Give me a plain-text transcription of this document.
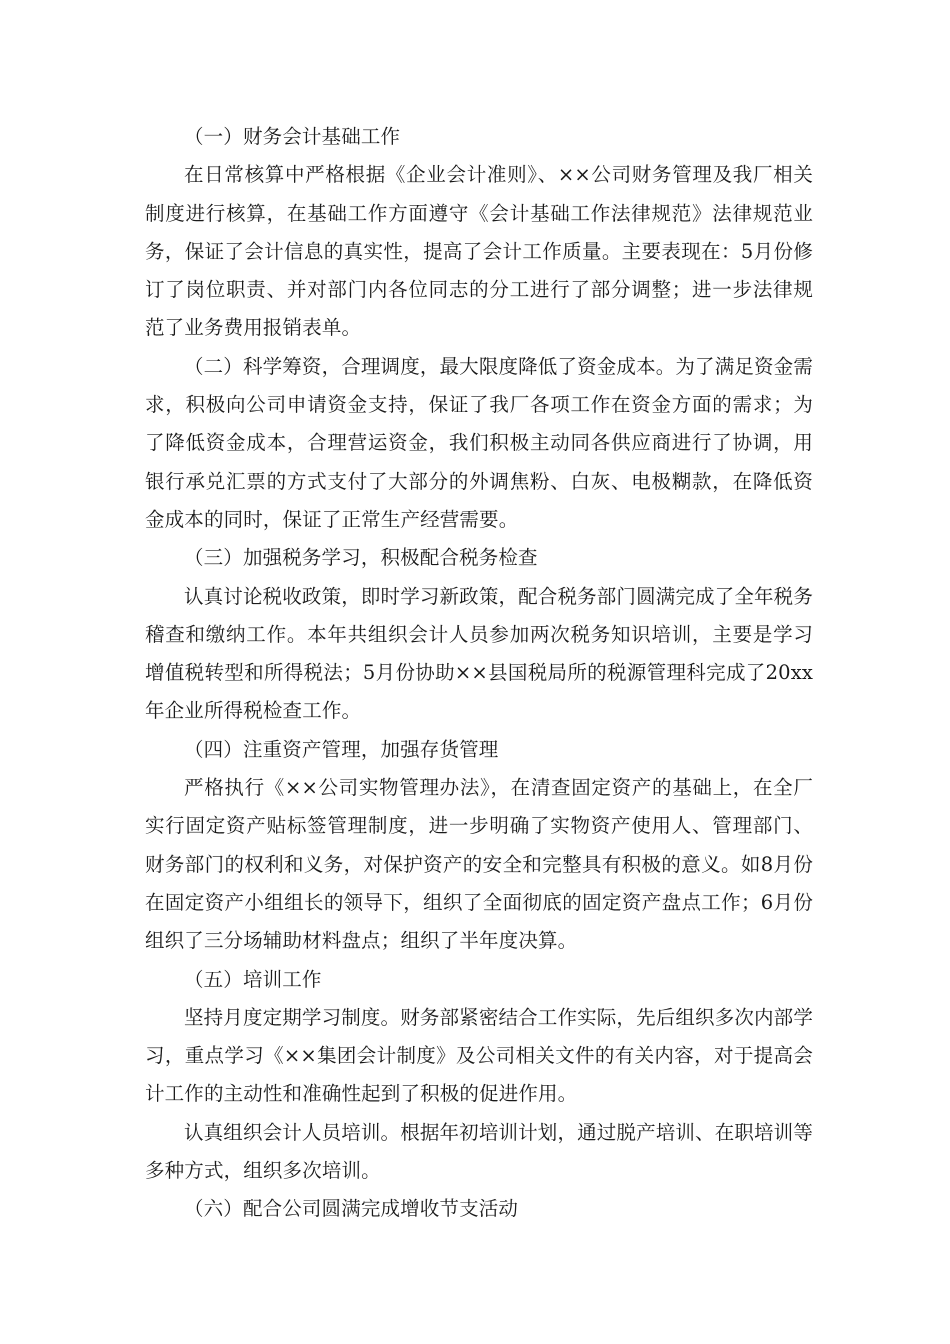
（一）财务会计基础工作

在日常核算中严格根据《企业会计准则》、××公司财务管理及我厂相关制度进行核算，在基础工作方面遵守《会计基础工作法律规范》法律规范业务，保证了会计信息的真实性，提高了会计工作质量。主要表现在：5月份修订了岗位职责、并对部门内各位同志的分工进行了部分调整；进一步法律规范了业务费用报销表单。

（二）科学筹资，合理调度，最大限度降低了资金成本。为了满足资金需求，积极向公司申请资金支持，保证了我厂各项工作在资金方面的需求；为了降低资金成本，合理营运资金，我们积极主动同各供应商进行了协调，用银行承兑汇票的方式支付了大部分的外调焦粉、白灰、电极糊款，在降低资金成本的同时，保证了正常生产经营需要。

（三）加强税务学习，积极配合税务检查

认真讨论税收政策，即时学习新政策，配合税务部门圆满完成了全年税务稽查和缴纳工作。本年共组织会计人员参加两次税务知识培训，主要是学习增值税转型和所得税法；5月份协助××县国税局所的税源管理科完成了20xx年企业所得税检查工作。

（四）注重资产管理，加强存货管理

严格执行《××公司实物管理办法》，在清查固定资产的基础上，在全厂实行固定资产贴标签管理制度，进一步明确了实物资产使用人、管理部门、财务部门的权利和义务，对保护资产的安全和完整具有积极的意义。如8月份在固定资产小组组长的领导下，组织了全面彻底的固定资产盘点工作；6月份组织了三分场辅助材料盘点；组织了半年度决算。

（五）培训工作

坚持月度定期学习制度。财务部紧密结合工作实际，先后组织多次内部学习，重点学习《××集团会计制度》及公司相关文件的有关内容，对于提高会计工作的主动性和准确性起到了积极的促进作用。

认真组织会计人员培训。根据年初培训计划，通过脱产培训、在职培训等多种方式，组织多次培训。

（六）配合公司圆满完成增收节支活动
